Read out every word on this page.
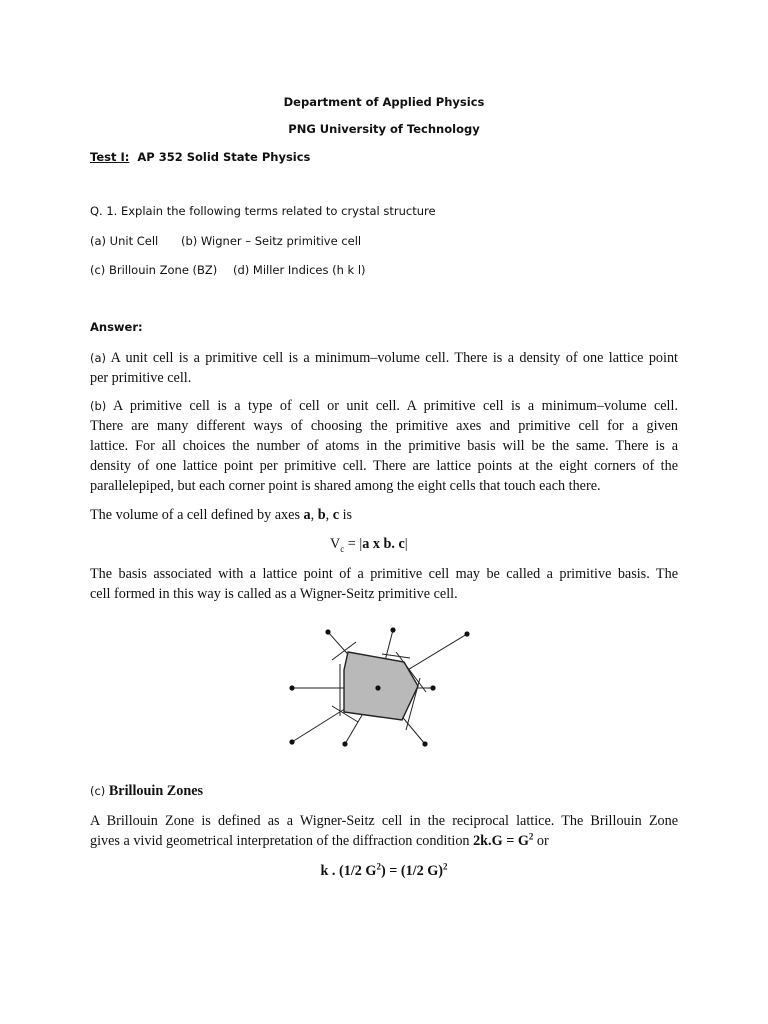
Department of Applied Physics
PNG University of Technology
Test I: AP 352 Solid State Physics
Q. 1. Explain the following terms related to crystal structure
(a) Unit Cell (b) Wigner – Seitz primitive cell
(c) Brillouin Zone (BZ) (d) Miller Indices (h k l)
Answer:
(a) A unit cell is a primitive cell is a minimum–volume cell. There is a density of one lattice point
per primitive cell.
(b) A primitive cell is a type of cell or unit cell. A primitive cell is a minimum–volume cell.
There are many different ways of choosing the primitive axes and primitive cell for a given
lattice. For all choices the number of atoms in the primitive basis will be the same. There is a
density of one lattice point per primitive cell. There are lattice points at the eight corners of the
parallelepiped, but each corner point is shared among the eight cells that touch each there.
The volume of a cell defined by axes a, b, c is
$V_c = |a$ x b. c|
The basis associated with a lattice point of a primitive cell may be called a primitive basis. The
cell formed in this way is called as a Wigner-Seitz primitive cell.
(c) Brillouin Zones
A Brillouin Zone is defined as a Wigner-Seitz cell in the reciprocal lattice. The Brillouin Zone
gives a vivid geometrical interpretation of the diffraction condition $2k.G = G^2$ or
k . (1/2 $G^2) = (1/2$ G)$^2$
